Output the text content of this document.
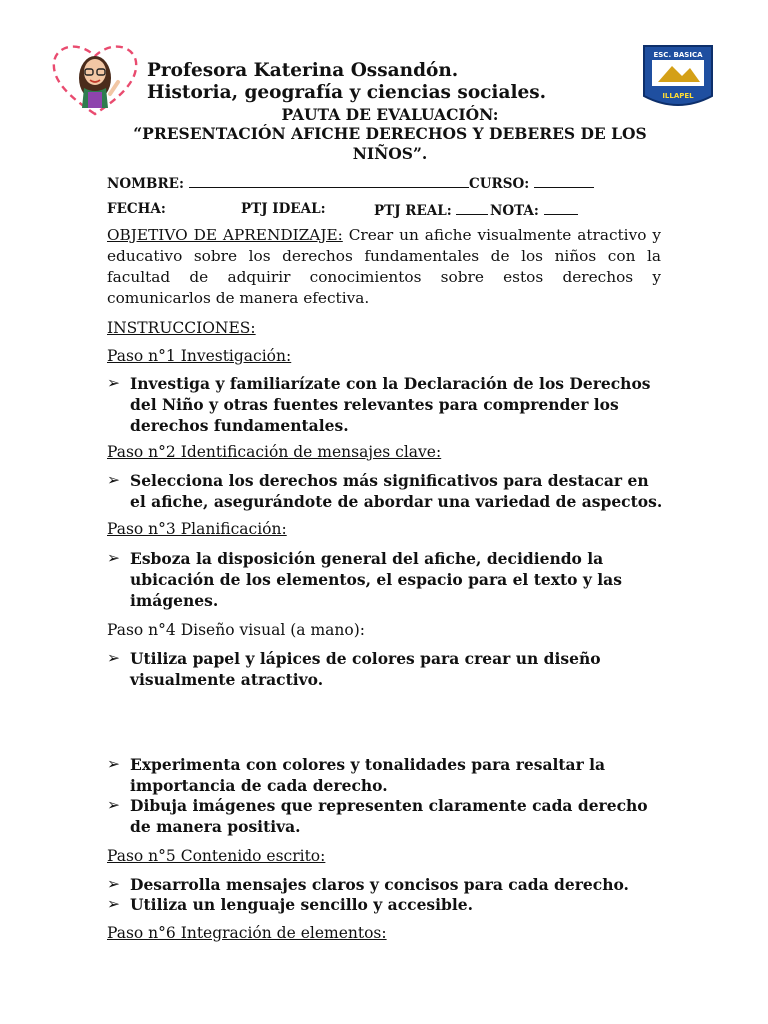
ESC. BASICA
ILLAPEL
Profesora Katerina Ossandón.
Historia, geografía y ciencias sociales.
PAUTA DE EVALUACIÓN:
“PRESENTACIÓN AFICHE DERECHOS Y DEBERES DE LOS
NIÑOS”.
NOMBRE:	CURSO:
FECHA:	PTJ IDEAL:	PTJ REAL:	NOTA:
OBJETIVO DE APRENDIZAJE: Crear un afiche visualmente atractivo y educativo sobre los derechos fundamentales de los niños con la facultad de adquirir conocimientos sobre estos derechos y comunicarlos de manera efectiva.
INSTRUCCIONES:
Paso n°1 Investigación:
➢ Investiga y familiarízate con la Declaración de los Derechos del Niño y otras fuentes relevantes para comprender los derechos fundamentales.
Paso n°2 Identificación de mensajes clave:
➢ Selecciona los derechos más significativos para destacar en el afiche, asegurándote de abordar una variedad de aspectos.
Paso n°3 Planificación:
➢ Esboza la disposición general del afiche, decidiendo la ubicación de los elementos, el espacio para el texto y las imágenes.
Paso n°4 Diseño visual (a mano):
➢ Utiliza papel y lápices de colores para crear un diseño visualmente atractivo.
➢ Experimenta con colores y tonalidades para resaltar la importancia de cada derecho.
➢ Dibuja imágenes que representen claramente cada derecho de manera positiva.
Paso n°5 Contenido escrito:
➢ Desarrolla mensajes claros y concisos para cada derecho.
➢ Utiliza un lenguaje sencillo y accesible.
Paso n°6 Integración de elementos:
